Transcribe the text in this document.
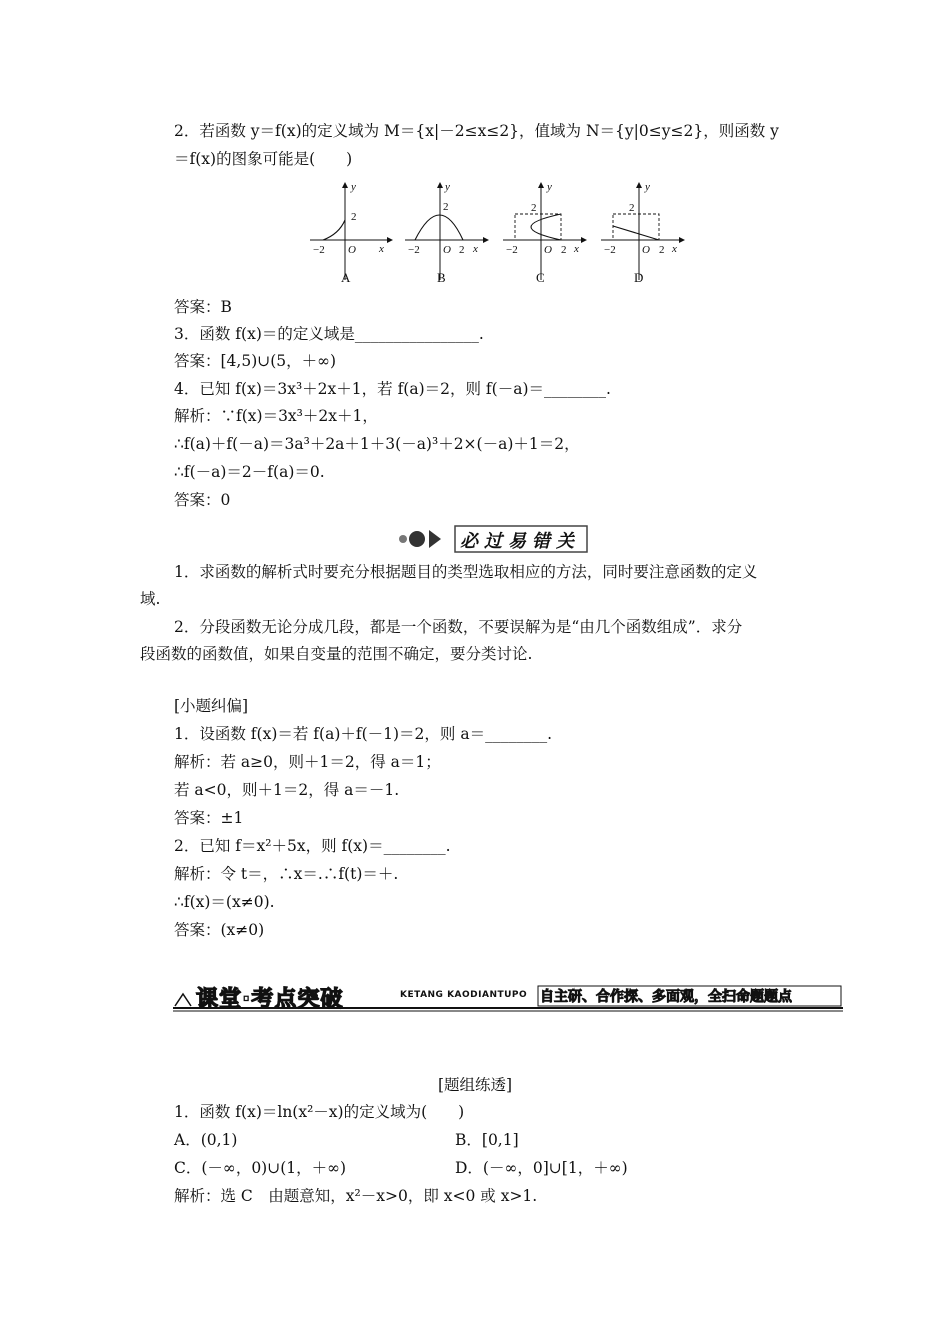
2．若函数 y＝f(x)的定义域为 M＝{x|－2≤x≤2}，值域为 N＝{y|0≤y≤2}，则函数 y
＝f(x)的图象可能是(　　)
y
2
−2 O x
y
2
−2 O 2 x
y
2
−2 O 2 x
y
2
−2 O 2 x
A	B	C	D
答案：B
3．函数 f(x)＝的定义域是________________.
答案：[4,5)∪(5，＋∞)
4．已知 f(x)＝3x³＋2x＋1，若 f(a)＝2，则 f(－a)＝________.
解析：∵f(x)＝3x³＋2x＋1，
∴f(a)＋f(－a)＝3a³＋2a＋1＋3(－a)³＋2×(－a)＋1＝2，
∴f(－a)＝2－f(a)＝0.
答案：0
必过易错关
1．求函数的解析式时要充分根据题目的类型选取相应的方法，同时要注意函数的定义
域.
2．分段函数无论分成几段，都是一个函数，不要误解为是“由几个函数组成”．求分
段函数的函数值，如果自变量的范围不确定，要分类讨论.
[小题纠偏]
1．设函数 f(x)＝若 f(a)＋f(－1)＝2，则 a＝________.
解析：若 a≥0，则＋1＝2，得 a＝1；
若 a<0，则＋1＝2，得 a＝－1.
答案：±1
2．已知 f＝x²＋5x，则 f(x)＝________.
解析：令 t＝，∴x＝.∴f(t)＝＋.
∴f(x)＝(x≠0).
答案：(x≠0)
课堂·考点突破	KETANG KAODIANTUPO 自主研、合作探、多面观，全扫命题题点
[题组练透]
1．函数 f(x)＝ln(x²－x)的定义域为(　　)
A．(0,1)	B．[0,1]
C．(－∞，0)∪(1，＋∞)	D．(－∞，0]∪[1，＋∞)
解析：选 C　由题意知，x²－x>0，即 x<0 或 x>1.
